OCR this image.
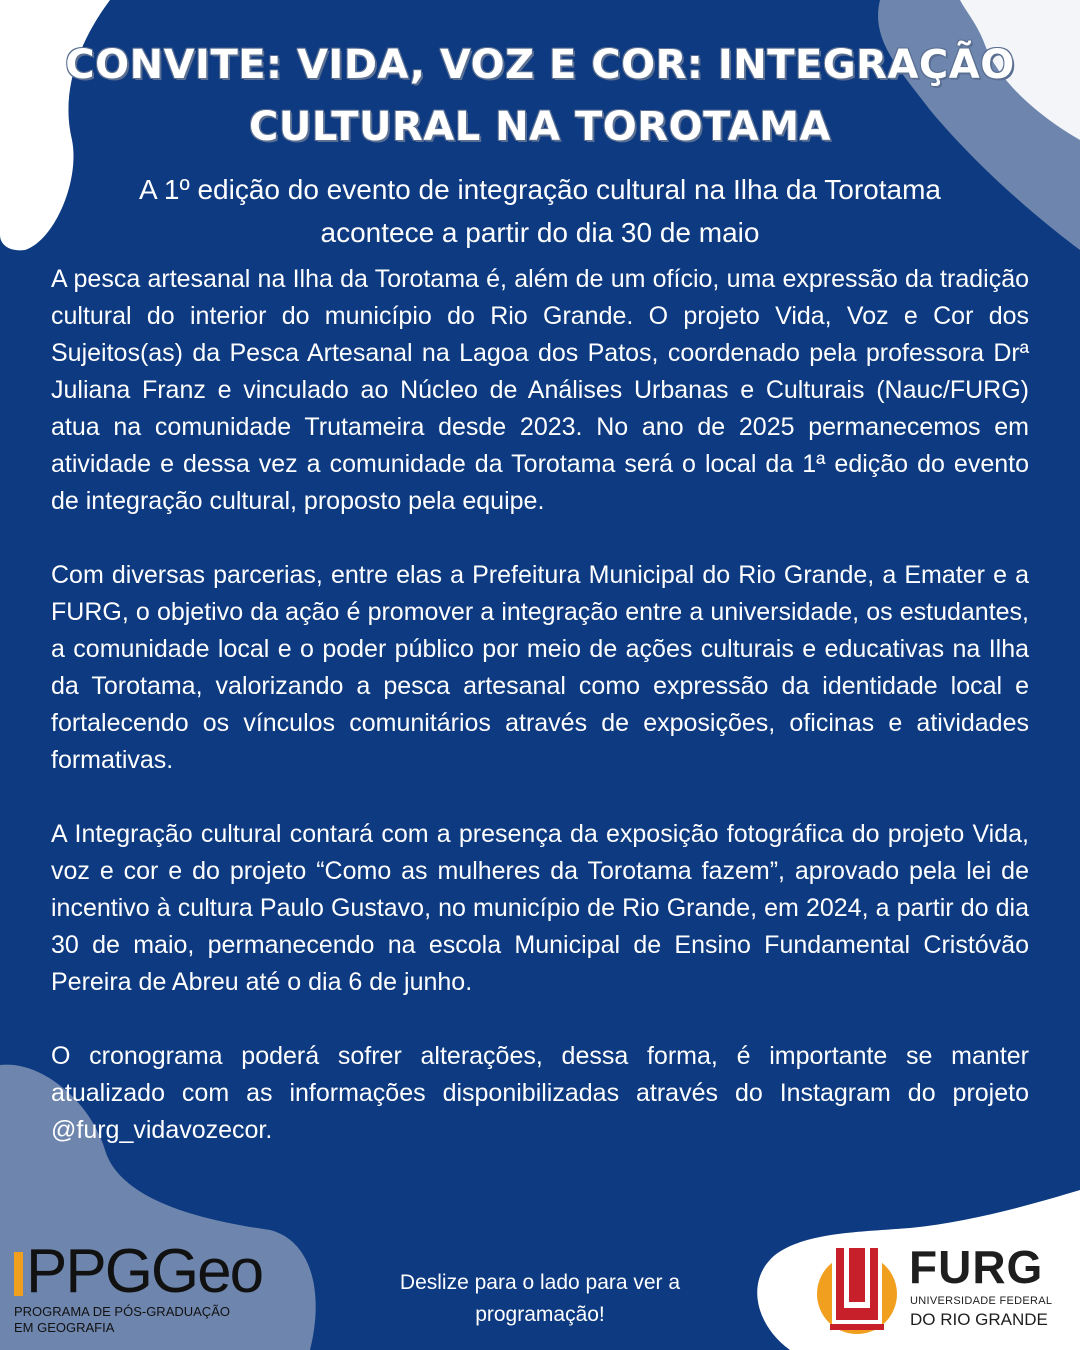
CONVITE: VIDA, VOZ E COR: INTEGRAÇÃO CULTURAL NA TOROTAMA

A 1º edição do evento de integração cultural na Ilha da Torotama acontece a partir do dia 30 de maio

A pesca artesanal na Ilha da Torotama é, além de um ofício, uma expressão da tradição cultural do interior do município do Rio Grande. O projeto Vida, Voz e Cor dos Sujeitos(as) da Pesca Artesanal na Lagoa dos Patos, coordenado pela professora Drª Juliana Franz e vinculado ao Núcleo de Análises Urbanas e Culturais (Nauc/FURG) atua na comunidade Trutameira desde 2023. No ano de 2025 permanecemos em atividade e dessa vez a comunidade da Torotama será o local da 1ª edição do evento de integração cultural, proposto pela equipe.

Com diversas parcerias, entre elas a Prefeitura Municipal do Rio Grande, a Emater e a FURG, o objetivo da ação é promover a integração entre a universidade, os estudantes, a comunidade local e o poder público por meio de ações culturais e educativas na Ilha da Torotama, valorizando a pesca artesanal como expressão da identidade local e fortalecendo os vínculos comunitários através de exposições, oficinas e atividades formativas.

A Integração cultural contará com a presença da exposição fotográfica do projeto Vida, voz e cor e do projeto “Como as mulheres da Torotama fazem”, aprovado pela lei de incentivo à cultura Paulo Gustavo, no município de Rio Grande, em 2024, a partir do dia 30 de maio, permanecendo na escola Municipal de Ensino Fundamental Cristóvão Pereira de Abreu até o dia 6 de junho.

O cronograma poderá sofrer alterações, dessa forma, é importante se manter atualizado com as informações disponibilizadas através do Instagram do projeto @furg_vidavozecor.

PPGGeo
PROGRAMA DE PÓS-GRADUAÇÃO EM GEOGRAFIA

Deslize para o lado para ver a programação!

FURG
UNIVERSIDADE FEDERAL
DO RIO GRANDE
